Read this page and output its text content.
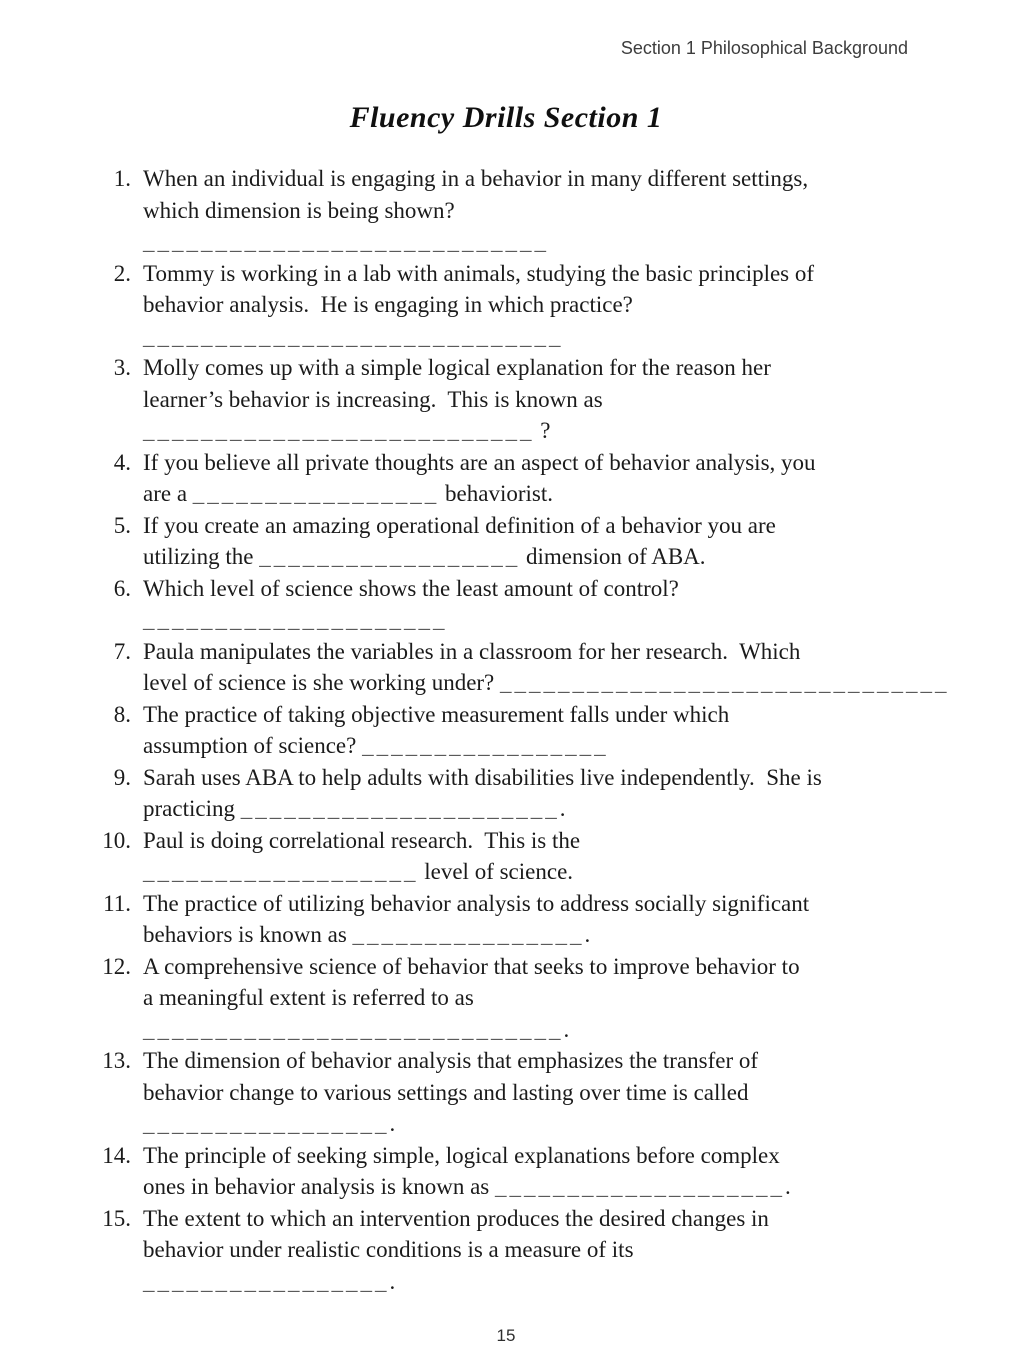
Section 1 Philosophical Background
Fluency Drills Section 1
1. When an individual is engaging in a behavior in many different settings,
which dimension is being shown?
____________________________
2. Tommy is working in a lab with animals, studying the basic principles of
behavior analysis.  He is engaging in which practice?
_____________________________
3. Molly comes up with a simple logical explanation for the reason her
learner’s behavior is increasing.  This is known as
___________________________ ?
4. If you believe all private thoughts are an aspect of behavior analysis, you
are a _________________ behaviorist.
5. If you create an amazing operational definition of a behavior you are
utilizing the __________________ dimension of ABA.
6. Which level of science shows the least amount of control?
_____________________
7. Paula manipulates the variables in a classroom for her research.  Which
level of science is she working under? _______________________________
8. The practice of taking objective measurement falls under which
assumption of science? _________________
9. Sarah uses ABA to help adults with disabilities live independently.  She is
practicing ______________________.
10. Paul is doing correlational research.  This is the
___________________ level of science.
11. The practice of utilizing behavior analysis to address socially significant
behaviors is known as ________________.
12. A comprehensive science of behavior that seeks to improve behavior to
a meaningful extent is referred to as
_____________________________.
13. The dimension of behavior analysis that emphasizes the transfer of
behavior change to various settings and lasting over time is called
_________________.
14. The principle of seeking simple, logical explanations before complex
ones in behavior analysis is known as ____________________.
15. The extent to which an intervention produces the desired changes in
behavior under realistic conditions is a measure of its
_________________.
15
